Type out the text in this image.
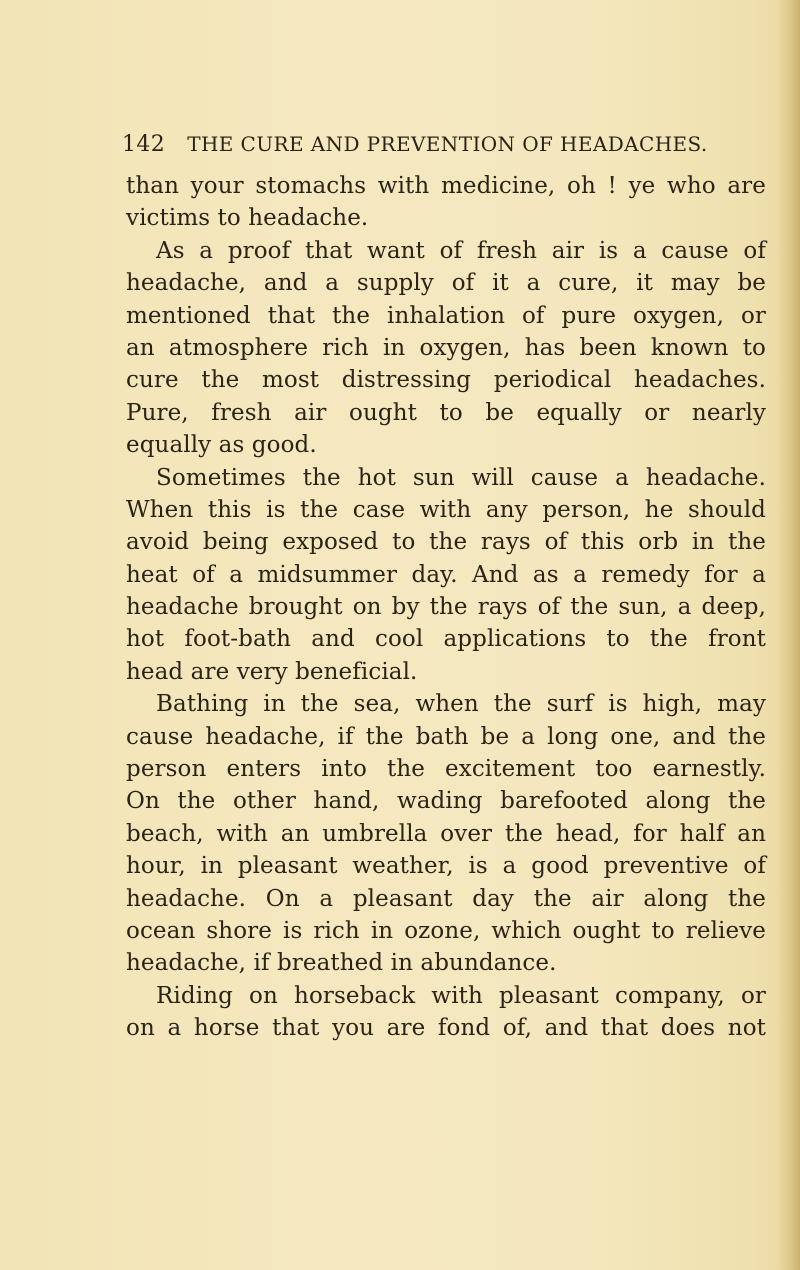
142 THE CURE AND PREVENTION OF HEADACHES.
than your stomachs with medicine, oh ! ye who are
victims to headache.
As a proof that want of fresh air is a cause of
headache, and a supply of it a cure, it may be
mentioned that the inhalation of pure oxygen, or
an atmosphere rich in oxygen, has been known to
cure the most distressing periodical headaches.
Pure, fresh air ought to be equally or nearly
equally as good.
Sometimes the hot sun will cause a headache.
When this is the case with any person, he should
avoid being exposed to the rays of this orb in the
heat of a midsummer day. And as a remedy for a
headache brought on by the rays of the sun, a deep,
hot foot-bath and cool applications to the front
head are very beneficial.
Bathing in the sea, when the surf is high, may
cause headache, if the bath be a long one, and the
person enters into the excitement too earnestly.
On the other hand, wading barefooted along the
beach, with an umbrella over the head, for half an
hour, in pleasant weather, is a good preventive of
headache. On a pleasant day the air along the
ocean shore is rich in ozone, which ought to relieve
headache, if breathed in abundance.
Riding on horseback with pleasant company, or
on a horse that you are fond of, and that does not
